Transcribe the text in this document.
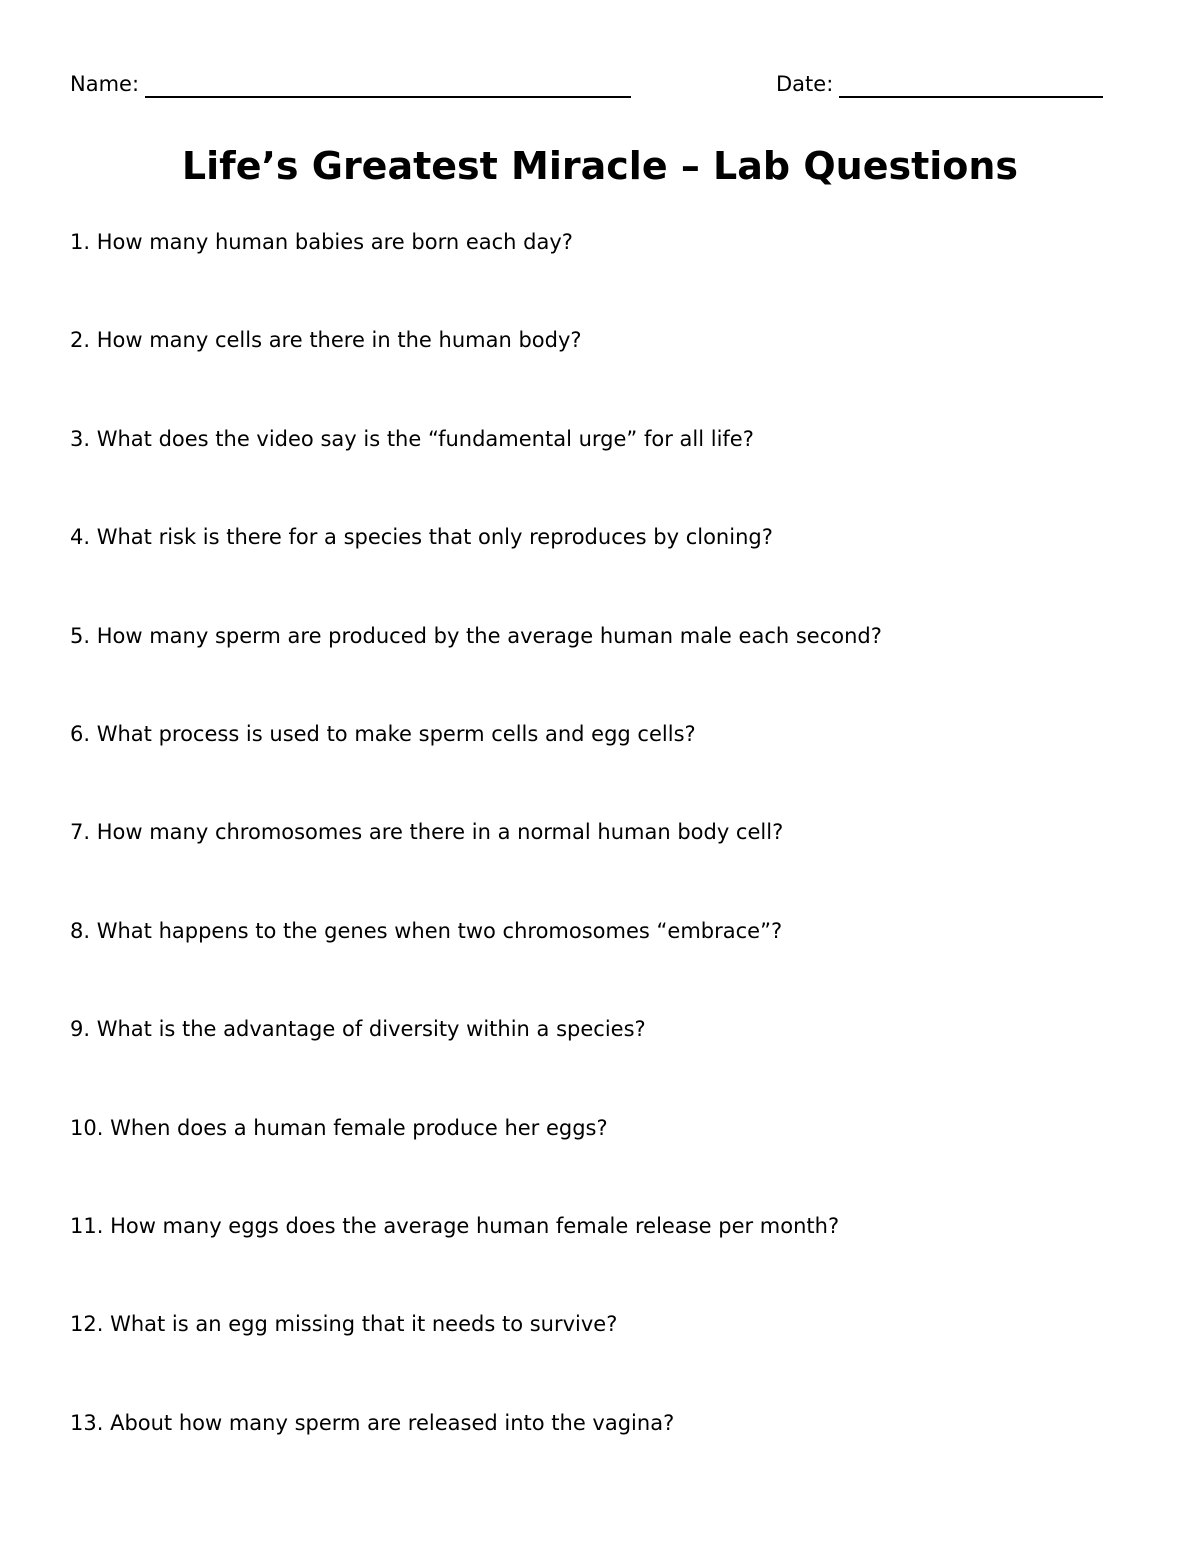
Name:	Date:
Life’s Greatest Miracle – Lab Questions
1. How many human babies are born each day?
2. How many cells are there in the human body?
3. What does the video say is the “fundamental urge” for all life?
4. What risk is there for a species that only reproduces by cloning?
5. How many sperm are produced by the average human male each second?
6. What process is used to make sperm cells and egg cells?
7. How many chromosomes are there in a normal human body cell?
8. What happens to the genes when two chromosomes “embrace”?
9. What is the advantage of diversity within a species?
10. When does a human female produce her eggs?
11. How many eggs does the average human female release per month?
12. What is an egg missing that it needs to survive?
13. About how many sperm are released into the vagina?
